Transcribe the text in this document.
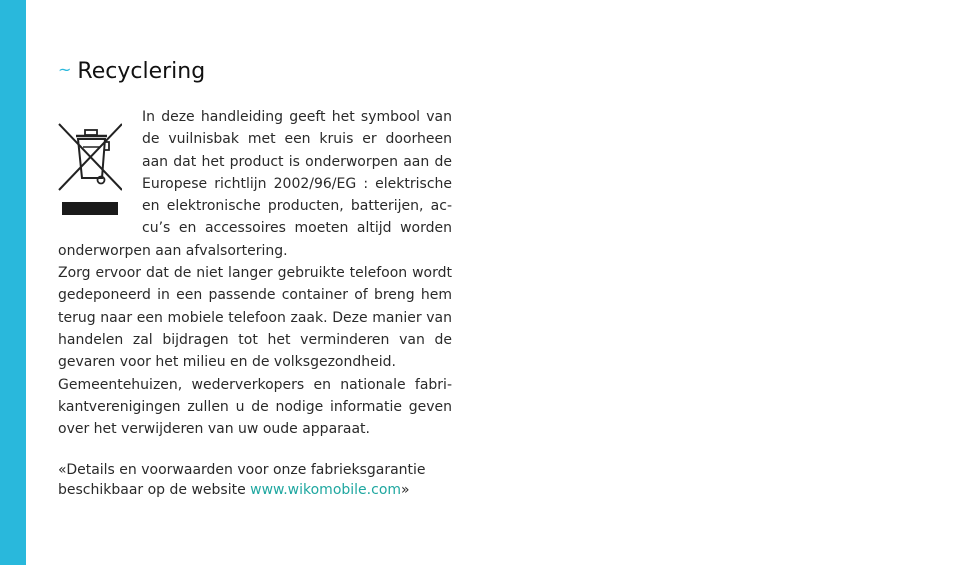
~ Recyclering

In deze handleiding geeft het symbool van de vuilnisbak met een kruis er doorheen aan dat het product is onderworpen aan de Europese richtlijn 2002/96/EG : elektrische en elektronische producten, batterijen, accu’s en accessoires moeten altijd worden onderworpen aan afvalsortering.

Zorg ervoor dat de niet langer gebruikte telefoon wordt gedeponeerd in een passende container of breng hem terug naar een mobiele telefoon zaak. Deze manier van handelen zal bijdragen tot het verminderen van de gevaren voor het milieu en de volksgezondheid.

Gemeentehuizen, wederverkopers en nationale fabrikantverenigingen zullen u de nodige informatie geven over het verwijderen van uw oude apparaat.

«Details en voorwaarden voor onze fabrieksgarantie beschikbaar op de website www.wikomobile.com»
